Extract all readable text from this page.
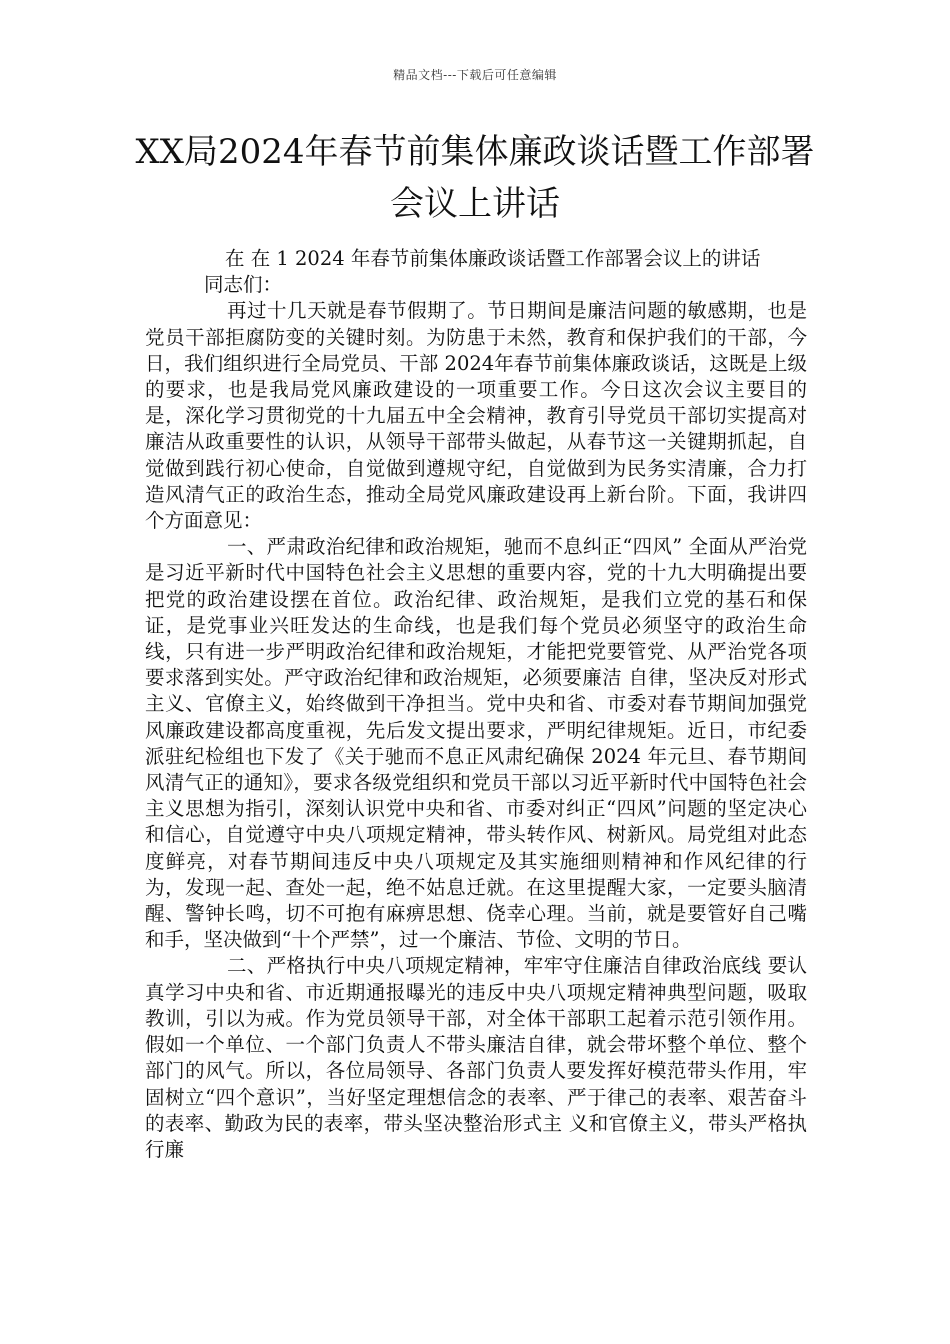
精品文档---下载后可任意编辑
XX局2024年春节前集体廉政谈话暨工作部署会议上讲话

在 在 1 2024 年春节前集体廉政谈话暨工作部署会议上的讲话

同志们：

再过十几天就是春节假期了。节日期间是廉洁问题的敏感期，也是党员干部拒腐防变的关键时刻。为防患于未然，教育和保护我们的干部，今日，我们组织进行全局党员、干部 2024年春节前集体廉政谈话，这既是上级的要求，也是我局党风廉政建设的一项重要工作。今日这次会议主要目的是，深化学习贯彻党的十九届五中全会精神，教育引导党员干部切实提高对廉洁从政重要性的认识，从领导干部带头做起，从春节这一关键期抓起，自觉做到践行初心使命，自觉做到遵规守纪，自觉做到为民务实清廉，合力打造风清气正的政治生态，推动全局党风廉政建设再上新台阶。下面，我讲四个方面意见：

一、严肃政治纪律和政治规矩，驰而不息纠正“四风” 全面从严治党是习近平新时代中国特色社会主义思想的重要内容，党的十九大明确提出要把党的政治建设摆在首位。政治纪律、政治规矩，是我们立党的基石和保证，是党事业兴旺发达的生命线，也是我们每个党员必须坚守的政治生命线，只有进一步严明政治纪律和政治规矩，才能把党要管党、从严治党各项要求落到实处。严守政治纪律和政治规矩，必须要廉洁 自律，坚决反对形式主义、官僚主义，始终做到干净担当。党中央和省、市委对春节期间加强党风廉政建设都高度重视，先后发文提出要求，严明纪律规矩。近日，市纪委派驻纪检组也下发了《关于驰而不息正风肃纪确保 2024 年元旦、春节期间风清气正的通知》，要求各级党组织和党员干部以习近平新时代中国特色社会主义思想为指引，深刻认识党中央和省、市委对纠正“四风”问题的坚定决心和信心，自觉遵守中央八项规定精神，带头转作风、树新风。局党组对此态度鲜亮，对春节期间违反中央八项规定及其实施细则精神和作风纪律的行为，发现一起、查处一起，绝不姑息迁就。在这里提醒大家，一定要头脑清醒、警钟长鸣，切不可抱有麻痹思想、侥幸心理。当前，就是要管好自己嘴和手，坚决做到“十个严禁”，过一个廉洁、节俭、文明的节日。

二、严格执行中央八项规定精神，牢牢守住廉洁自律政治底线 要认真学习中央和省、市近期通报曝光的违反中央八项规定精神典型问题，吸取教训，引以为戒。作为党员领导干部，对全体干部职工起着示范引领作用。假如一个单位、一个部门负责人不带头廉洁自律，就会带坏整个单位、整个部门的风气。所以，各位局领导、各部门负责人要发挥好模范带头作用，牢固树立“四个意识”，当好坚定理想信念的表率、严于律己的表率、艰苦奋斗的表率、勤政为民的表率，带头坚决整治形式主 义和官僚主义，带头严格执行廉
